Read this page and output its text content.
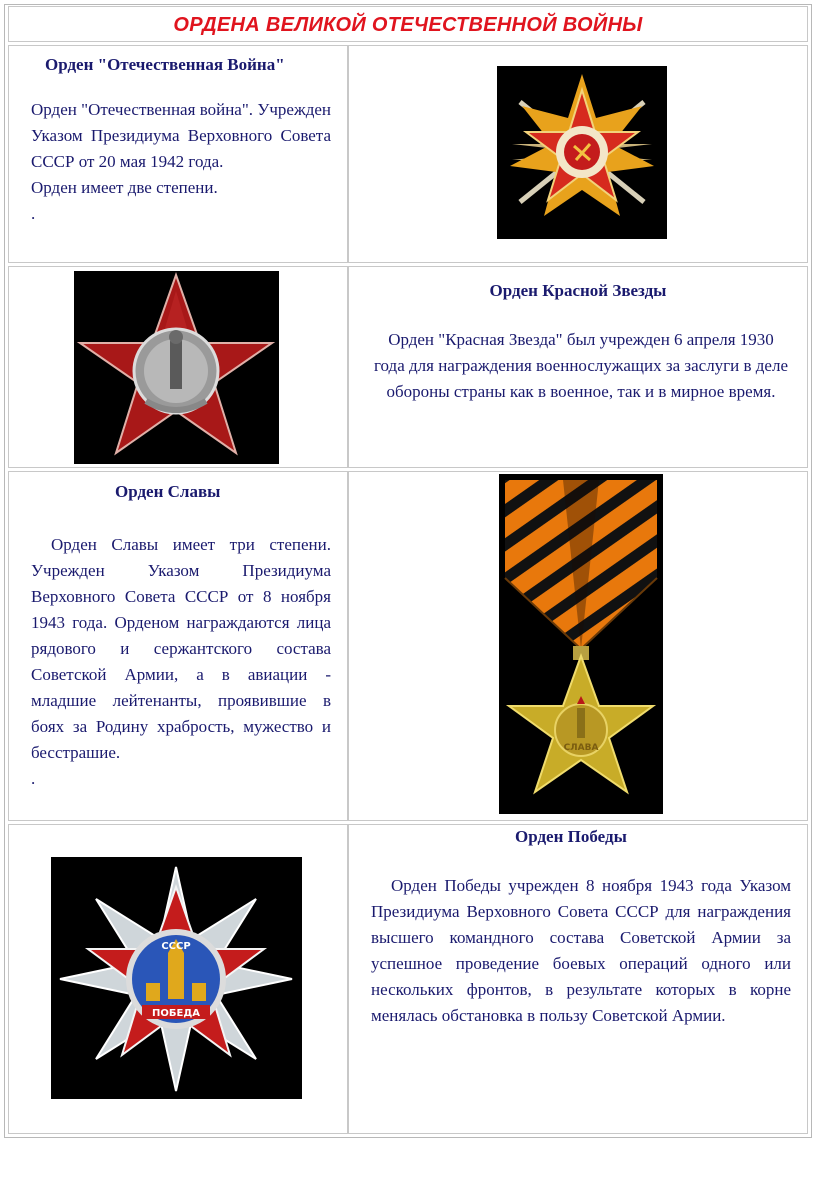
ОРДЕНА ВЕЛИКОЙ ОТЕЧЕСТВЕННОЙ ВОЙНЫ
Орден "Отечественная Война"
Орден "Отечественная война". Учрежден Указом Президиума Верховного Совета СССР от 20 мая 1942 года.
Орден имеет две степени.
.
Орден Красной Звезды
Орден "Красная Звезда" был учрежден 6 апреля 1930 года для награждения военнослужащих за заслуги в деле обороны страны как в военное, так и в мирное время.
Орден Славы
Орден Славы имеет три степени. Учрежден Указом Президиума Верховного Совета СССР от 8 ноября 1943 года. Орденом награждаются лица рядового и сержантского состава Советской Армии, а в авиации - младшие лейтенанты, проявившие в боях за Родину храбрость, мужество и бесстрашие.
.
СЛАВА
СССР
ПОБЕДА
Орден Победы
Орден Победы учрежден 8 ноября 1943 года Указом Президиума Верховного Совета СССР для награждения высшего командного состава Советской Армии за успешное проведение боевых операций одного или нескольких фронтов, в результате которых в корне менялась обстановка в пользу Советской Армии.
